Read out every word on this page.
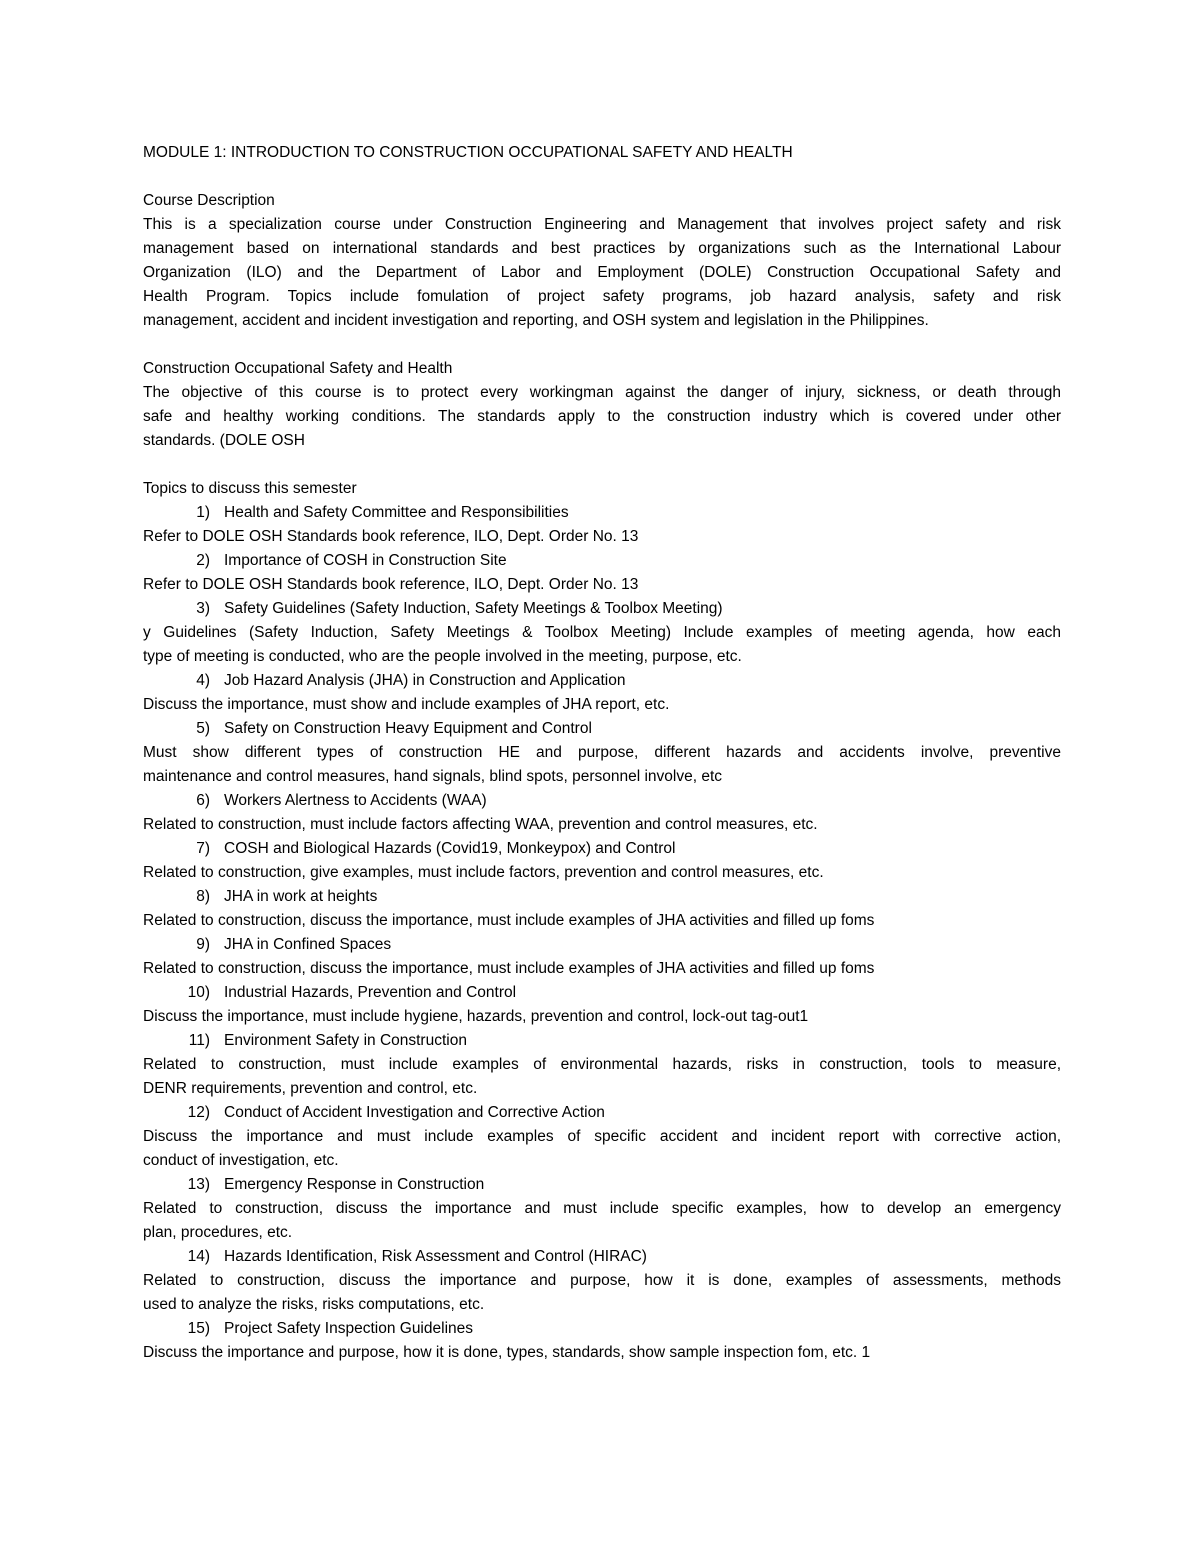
MODULE 1: INTRODUCTION TO CONSTRUCTION OCCUPATIONAL SAFETY AND HEALTH

Course Description

This is a specialization course under Construction Engineering and Management that involves project safety and risk

management based on international standards and best practices by organizations such as the International Labour

Organization (ILO) and the Department of Labor and Employment (DOLE) Construction Occupational Safety and

Health Program. Topics include fomulation of project safety programs, job hazard analysis, safety and risk

management, accident and incident investigation and reporting, and OSH system and legislation in the Philippines.

Construction Occupational Safety and Health

The objective of this course is to protect every workingman against the danger of injury, sickness, or death through

safe and healthy working conditions. The standards apply to the construction industry which is covered under other

standards. (DOLE OSH

Topics to discuss this semester

1) Health and Safety Committee and Responsibilities

Refer to DOLE OSH Standards book reference, ILO, Dept. Order No. 13

2) Importance of COSH in Construction Site

Refer to DOLE OSH Standards book reference, ILO, Dept. Order No. 13

3) Safety Guidelines (Safety Induction, Safety Meetings & Toolbox Meeting)

y Guidelines (Safety Induction, Safety Meetings & Toolbox Meeting) Include examples of meeting agenda, how each

type of meeting is conducted, who are the people involved in the meeting, purpose, etc.

4) Job Hazard Analysis (JHA) in Construction and Application

Discuss the importance, must show and include examples of JHA report, etc.

5) Safety on Construction Heavy Equipment and Control

Must show different types of construction HE and purpose, different hazards and accidents involve, preventive

maintenance and control measures, hand signals, blind spots, personnel involve, etc

6) Workers Alertness to Accidents (WAA)

Related to construction, must include factors affecting WAA, prevention and control measures, etc.

7) COSH and Biological Hazards (Covid19, Monkeypox) and Control

Related to construction, give examples, must include factors, prevention and control measures, etc.

8) JHA in work at heights

Related to construction, discuss the importance, must include examples of JHA activities and filled up foms

9) JHA in Confined Spaces

Related to construction, discuss the importance, must include examples of JHA activities and filled up foms

10) Industrial Hazards, Prevention and Control

Discuss the importance, must include hygiene, hazards, prevention and control, lock-out tag-out1

11) Environment Safety in Construction

Related to construction, must include examples of environmental hazards, risks in construction, tools to measure,

DENR requirements, prevention and control, etc.

12) Conduct of Accident Investigation and Corrective Action

Discuss the importance and must include examples of specific accident and incident report with corrective action,

conduct of investigation, etc.

13) Emergency Response in Construction

Related to construction, discuss the importance and must include specific examples, how to develop an emergency

plan, procedures, etc.

14) Hazards Identification, Risk Assessment and Control (HIRAC)

Related to construction, discuss the importance and purpose, how it is done, examples of assessments, methods

used to analyze the risks, risks computations, etc.

15) Project Safety Inspection Guidelines

Discuss the importance and purpose, how it is done, types, standards, show sample inspection fom, etc. 1
